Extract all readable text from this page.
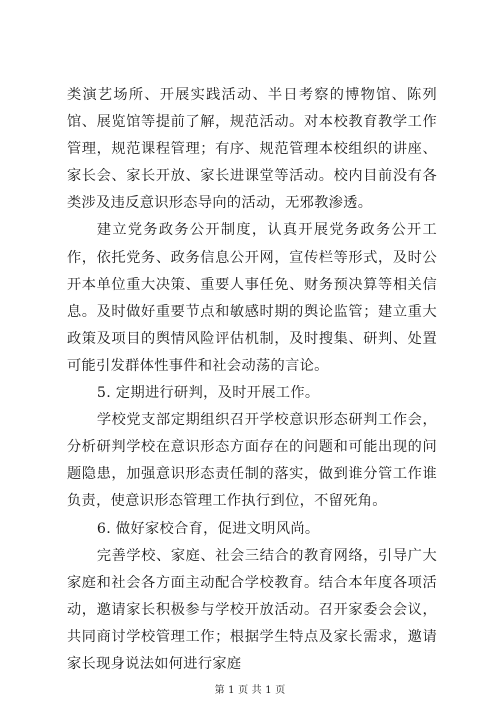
类演艺场所、开展实践活动、半日考察的博物馆、陈列馆、展览馆等提前了解，规范活动。对本校教育教学工作管理，规范课程管理；有序、规范管理本校组织的讲座、家长会、家长开放、家长进课堂等活动。校内目前没有各类涉及违反意识形态导向的活动，无邪教渗透。

建立党务政务公开制度，认真开展党务政务公开工作，依托党务、政务信息公开网，宣传栏等形式，及时公开本单位重大决策、重要人事任免、财务预决算等相关信息。及时做好重要节点和敏感时期的舆论监管；建立重大政策及项目的舆情风险评估机制，及时搜集、研判、处置可能引发群体性事件和社会动荡的言论。

5. 定期进行研判，及时开展工作。

学校党支部定期组织召开学校意识形态研判工作会，分析研判学校在意识形态方面存在的问题和可能出现的问题隐患，加强意识形态责任制的落实，做到谁分管工作谁负责，使意识形态管理工作执行到位，不留死角。

6. 做好家校合育，促进文明风尚。

完善学校、家庭、社会三结合的教育网络，引导广大家庭和社会各方面主动配合学校教育。结合本年度各项活动，邀请家长积极参与学校开放活动。召开家委会会议，共同商讨学校管理工作；根据学生特点及家长需求，邀请家长现身说法如何进行家庭

第 1 页 共 1 页
